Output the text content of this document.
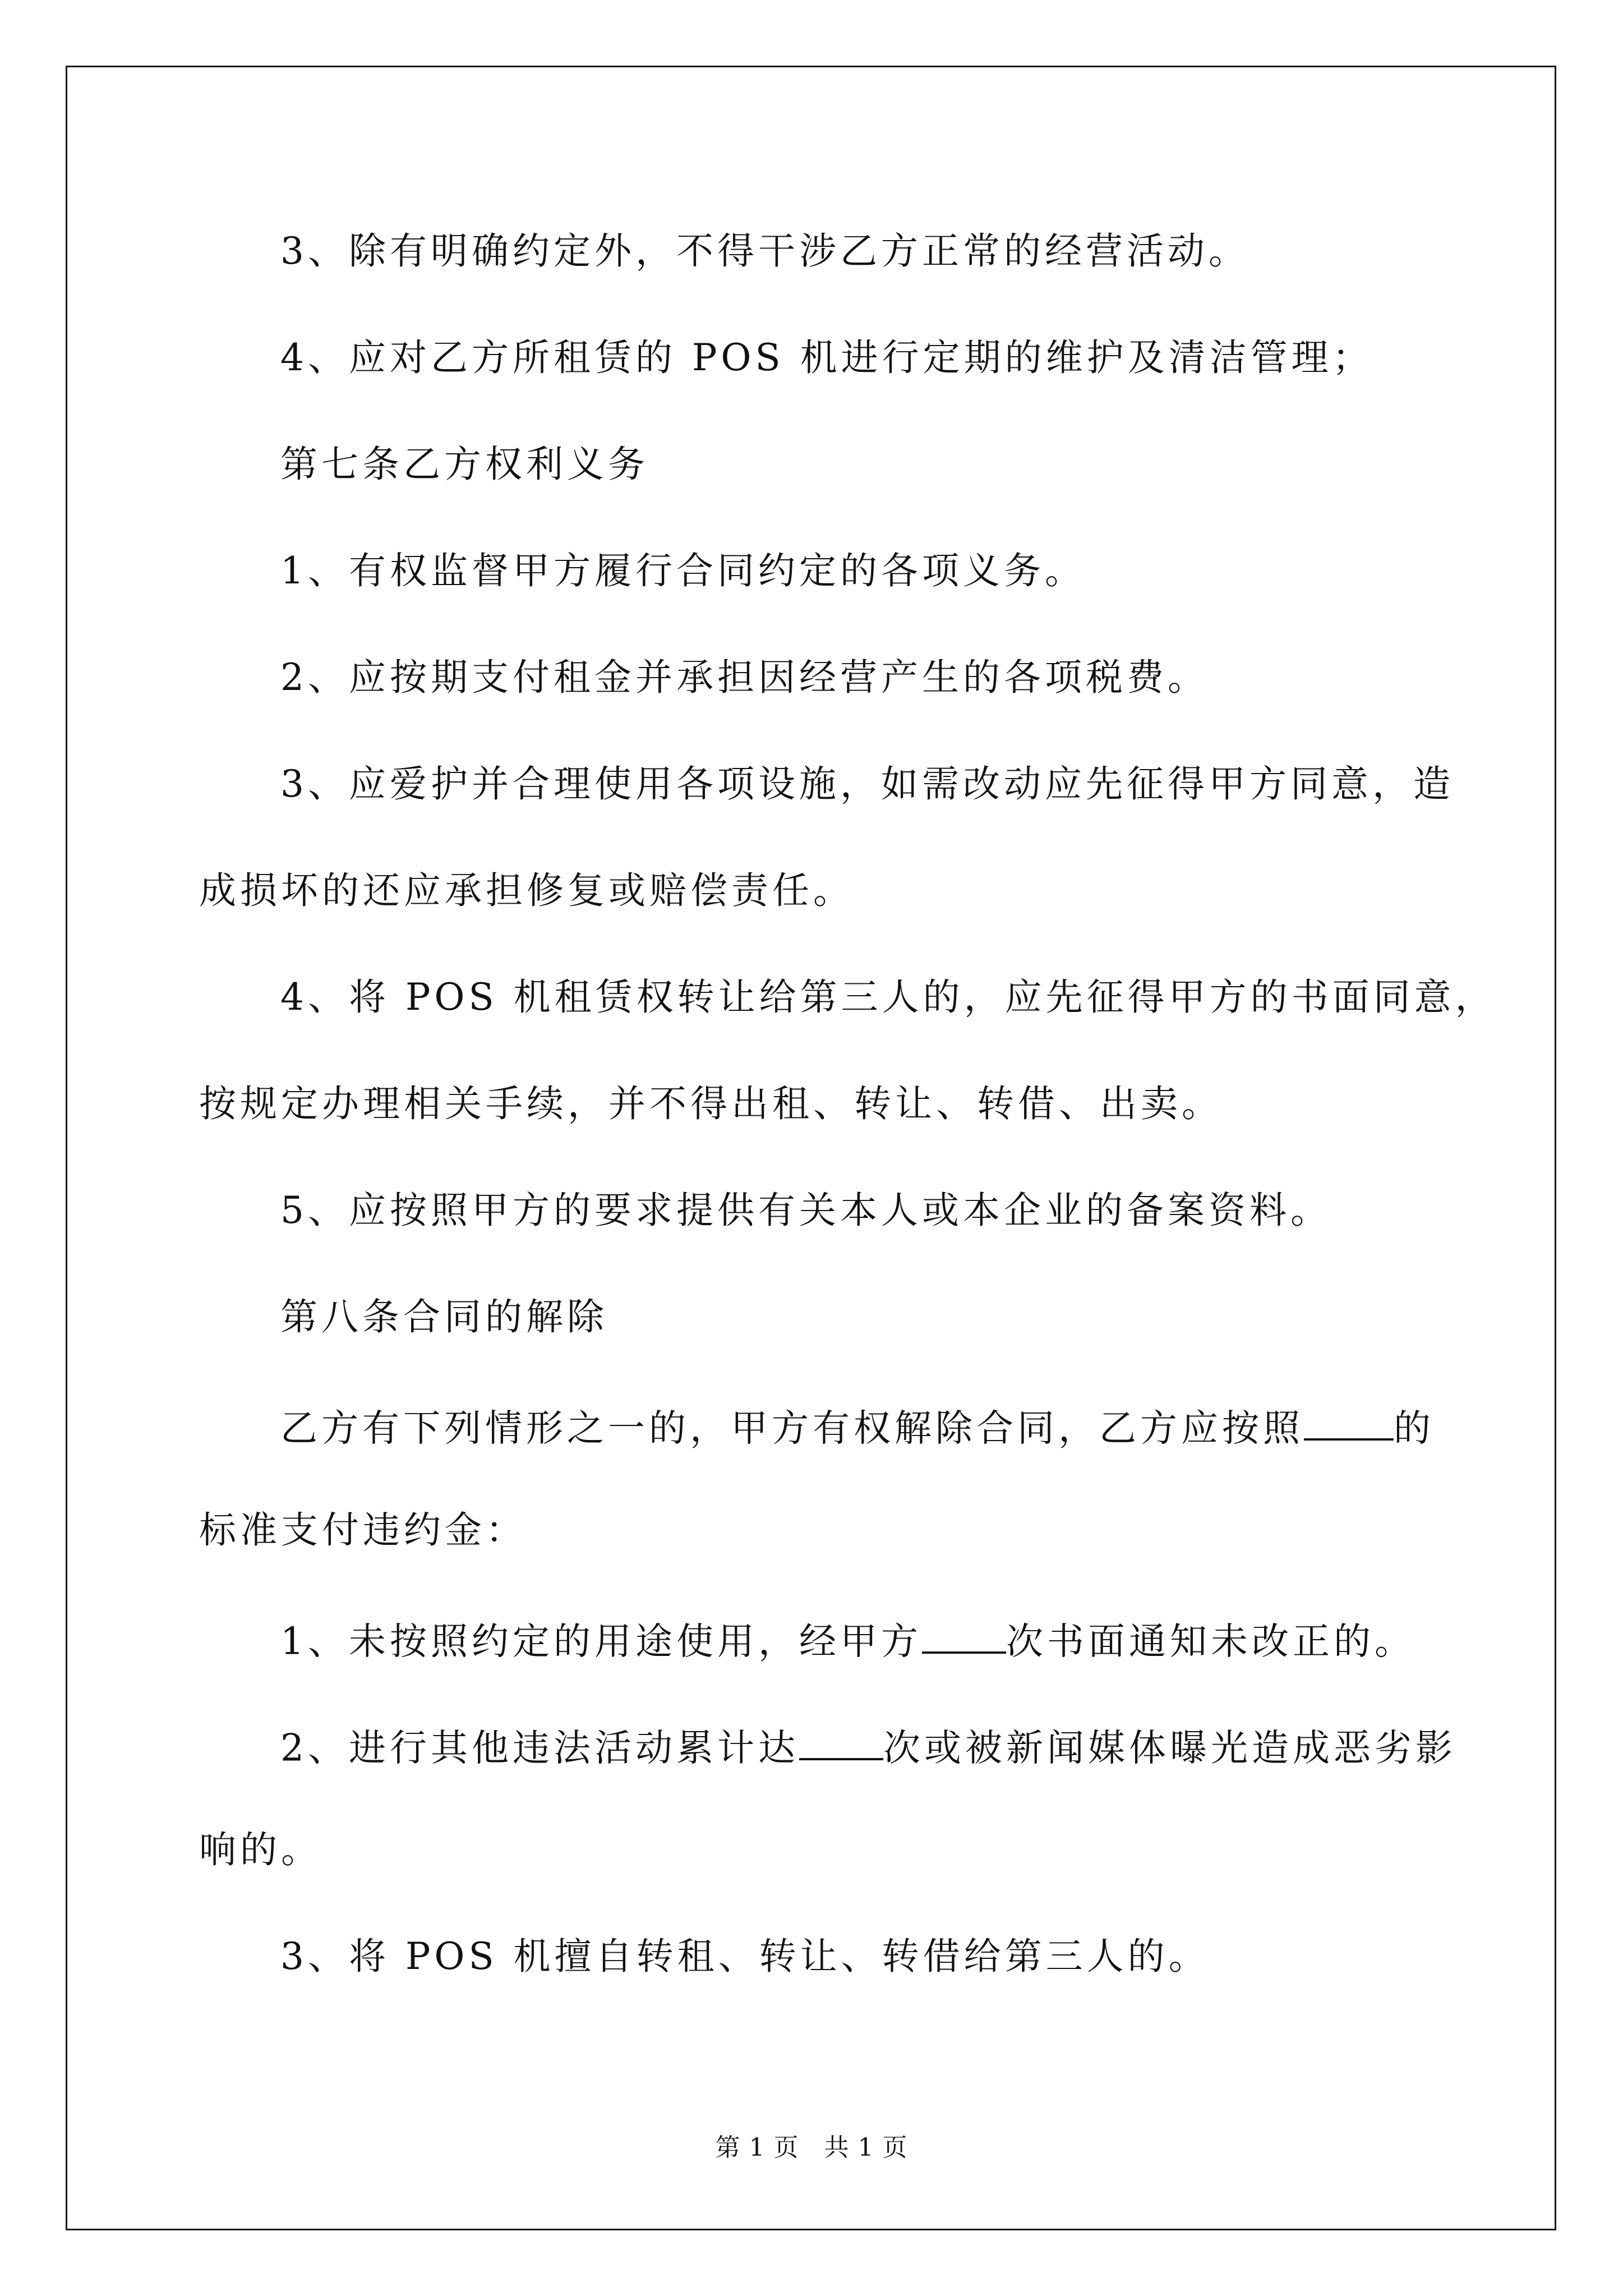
3、除有明确约定外，不得干涉乙方正常的经营活动。
4、应对乙方所租赁的 POS 机进行定期的维护及清洁管理；
第七条乙方权利义务
1、有权监督甲方履行合同约定的各项义务。
2、应按期支付租金并承担因经营产生的各项税费。
3、应爱护并合理使用各项设施，如需改动应先征得甲方同意，造
成损坏的还应承担修复或赔偿责任。
4、将 POS 机租赁权转让给第三人的，应先征得甲方的书面同意，
按规定办理相关手续，并不得出租、转让、转借、出卖。
5、应按照甲方的要求提供有关本人或本企业的备案资料。
第八条合同的解除
乙方有下列情形之一的，甲方有权解除合同，乙方应按照 的
标准支付违约金：
1、未按照约定的用途使用，经甲方 次书面通知未改正的。
2、进行其他违法活动累计达 次或被新闻媒体曝光造成恶劣影
响的。
3、将 POS 机擅自转租、转让、转借给第三人的。
第 1 页　共 1 页
